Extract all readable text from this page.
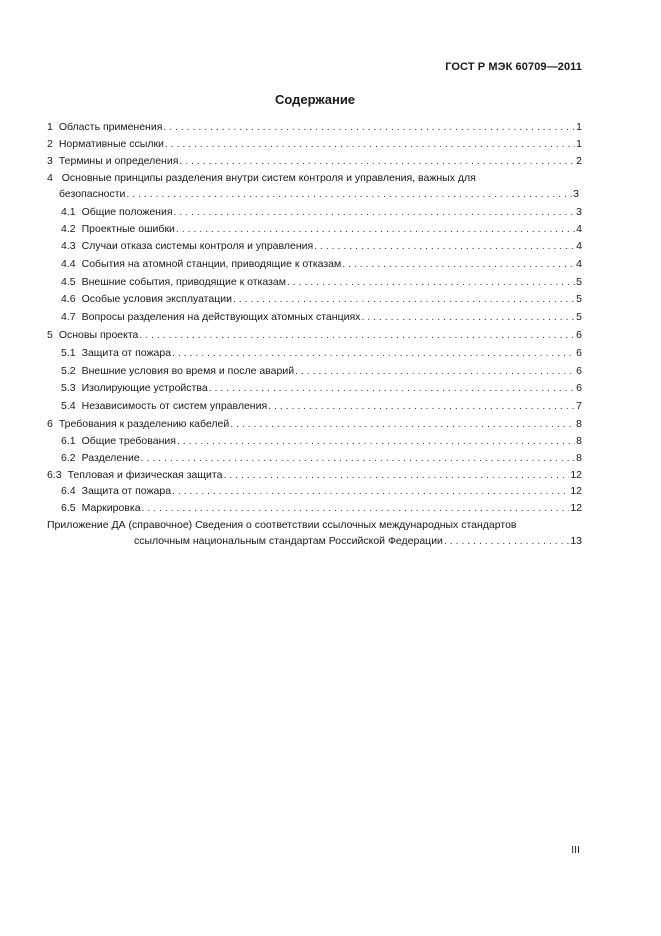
ГОСТ Р МЭК 60709—2011
Содержание
1 Область применения . . .	1
2 Нормативные ссылки . . .	1
3 Термины и определения . . .	2
4 Основные принципы разделения внутри систем контроля и управления, важных для
безопасности . . .	3
4.1 Общие положения . . .	3
4.2 Проектные ошибки . . .	4
4.3 Случаи отказа системы контроля и управления . . .	4
4.4 События на атомной станции, приводящие к отказам . . .	4
4.5 Внешние события, приводящие к отказам . . .	5
4.6 Особые условия эксплуатации . . .	5
4.7 Вопросы разделения на действующих атомных станциях . . .	5
5 Основы проекта . . .	6
5.1 Защита от пожара . . .	6
5.2 Внешние условия во время и после аварий . . .	6
5.3 Изолирующие устройства . . .	6
5.4 Независимость от систем управления . . .	7
6 Требования к разделению кабелей . . .	8
6.1 Общие требования . . .	8
6.2 Разделение . . .	8
6.3 Тепловая и физическая защита . . .	12
6.4 Защита от пожара . . .	12
6.5 Маркировка . . .	12
Приложение ДА (справочное) Сведения о соответствии ссылочных международных стандартов
ссылочным национальным стандартам Российской Федерации . . .	13
III
